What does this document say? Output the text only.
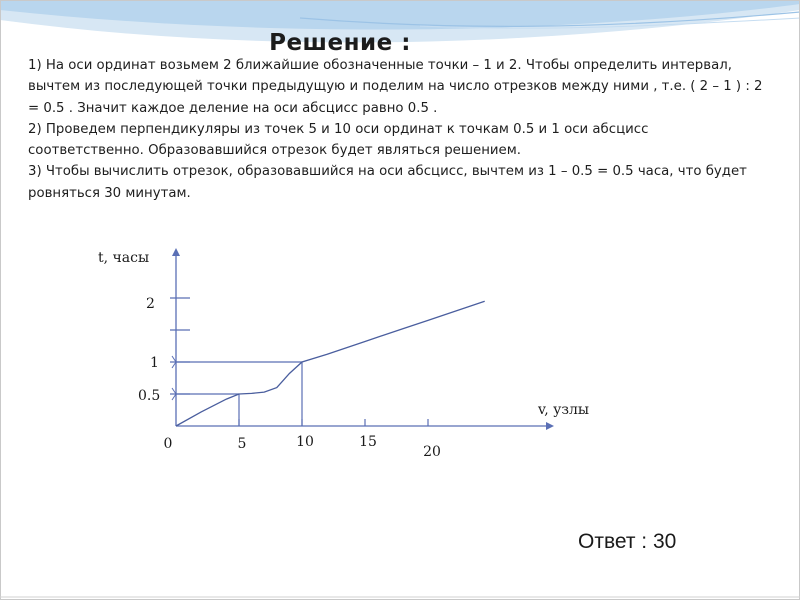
Решение :

1) На оси ординат возьмем 2 ближайшие обозначенные точки – 1 и 2. Чтобы определить интервал, вычтем из последующей точки предыдущую и поделим на число отрезков между ними , т.е. ( 2 – 1 ) : 2 = 0.5 . Значит каждое деление на оси абсцисс равно 0.5 .

2) Проведем перпендикуляры из точек 5 и 10 оси ординат к точкам 0.5 и 1 оси абсцисс соответственно. Образовавшийся отрезок будет являться решением.

3) Чтобы вычислить отрезок, образовавшийся на оси абсцисс, вычтем из 1 – 0.5 = 0.5 часа, что будет ровняться 30 минутам.

t, часы
v, узлы
0	5	10	15
20
0.5
1
2
Ответ : 30
